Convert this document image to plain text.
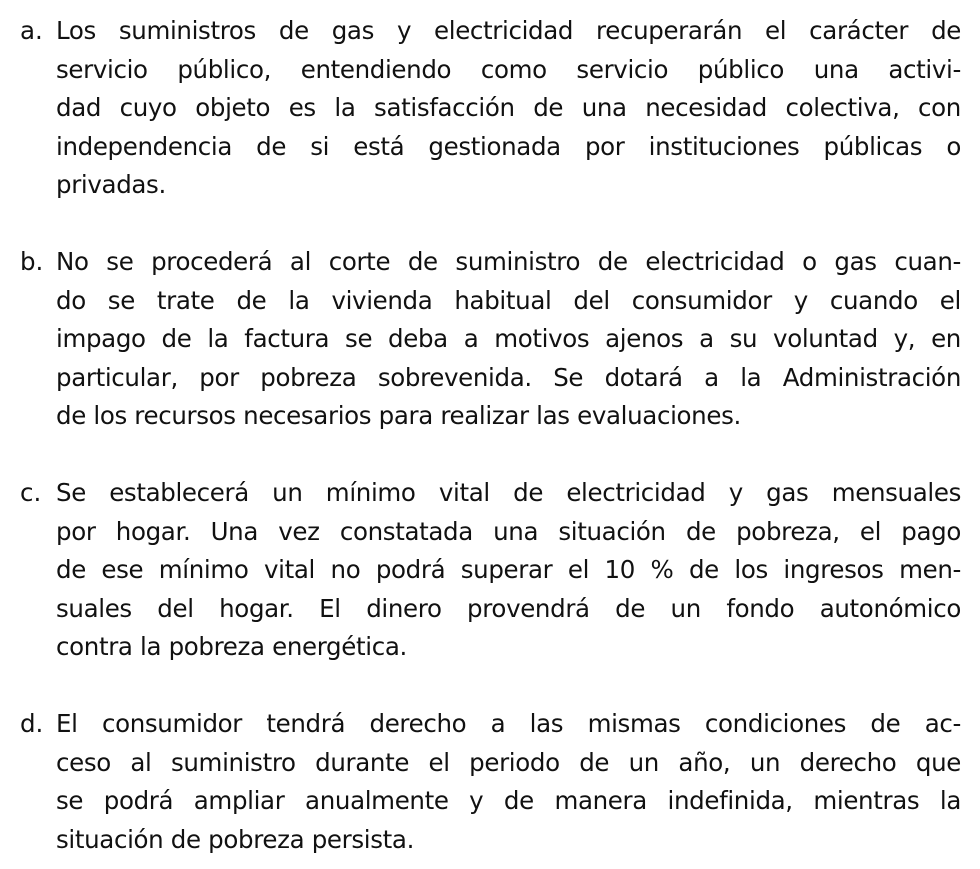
a. Los suministros de gas y electricidad recuperarán el carácter de
servicio público, entendiendo como servicio público una activi-
dad cuyo objeto es la satisfacción de una necesidad colectiva, con
independencia de si está gestionada por instituciones públicas o
privadas.
b. No se procederá al corte de suministro de electricidad o gas cuan-
do se trate de la vivienda habitual del consumidor y cuando el
impago de la factura se deba a motivos ajenos a su voluntad y, en
particular, por pobreza sobrevenida. Se dotará a la Administración
de los recursos necesarios para realizar las evaluaciones.
c. Se establecerá un mínimo vital de electricidad y gas mensuales
por hogar. Una vez constatada una situación de pobreza, el pago
de ese mínimo vital no podrá superar el 10 % de los ingresos men-
suales del hogar. El dinero provendrá de un fondo autonómico
contra la pobreza energética.
d. El consumidor tendrá derecho a las mismas condiciones de ac-
ceso al suministro durante el periodo de un año, un derecho que
se podrá ampliar anualmente y de manera indefinida, mientras la
situación de pobreza persista.
